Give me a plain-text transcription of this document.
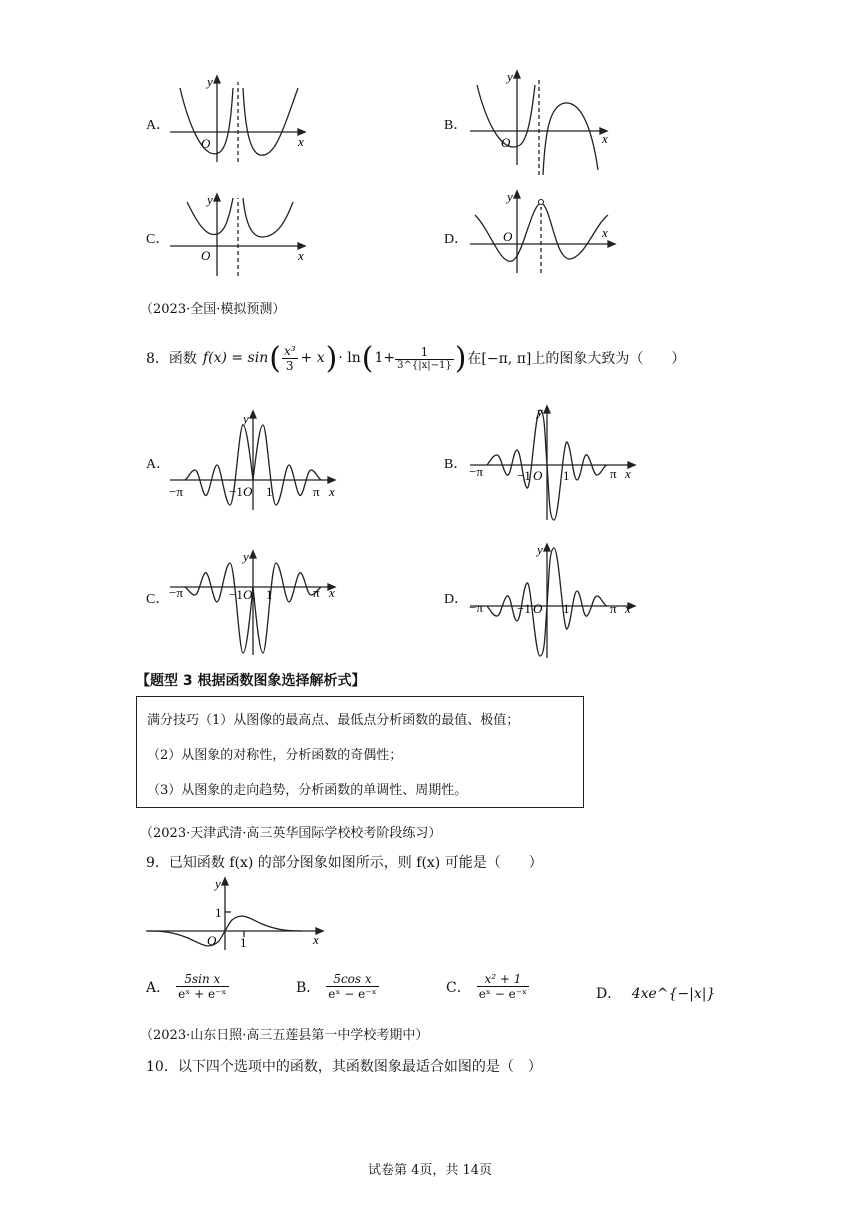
A．
y
O	x
B．
y
O	x
C．
y
O	x
D．
y
O	x
（2023·全国·模拟预测）
8．函数 f(x) = sin ( $\frac{\text{x³}}{3} + x$ ) · ln ( $1+ \frac{1}{3\^{}\{|x|-1\}}$ ) 在[−π, π]上的图象大致为（　　）
A．
y
−π	−1 O 1	π x
B．
y
−π	−1 O 1	π x
C．
y
−π	−1 O 1	π x	D．
y
−π	−1 O 1	π x
【题型 3 根据函数图象选择解析式】
满分技巧（1）从图像的最高点、最低点分析函数的最值、极值；
（2）从图象的对称性，分析函数的奇偶性；
（3）从图象的走向趋势，分析函数的单调性、周期性。
（2023·天津武清·高三英华国际学校校考阶段练习）
9．已知函数 f(x) 的部分图象如图所示，则 f(x) 可能是（　　）
y
1
O 1	x
A． $\frac{\text{5sin x}}{\text{eˣ + e⁻ˣ}}$	B． $\frac{\text{5cos x}}{\text{eˣ − e⁻ˣ}}$	C． $\frac{\text{x² + 1}}{\text{eˣ − e⁻ˣ}}$	D． 4xe^{−|x|}
（2023·山东日照·高三五莲县第一中学校考期中）
10．以下四个选项中的函数，其函数图象最适合如图的是（　）
试卷第 4页，共 14页
